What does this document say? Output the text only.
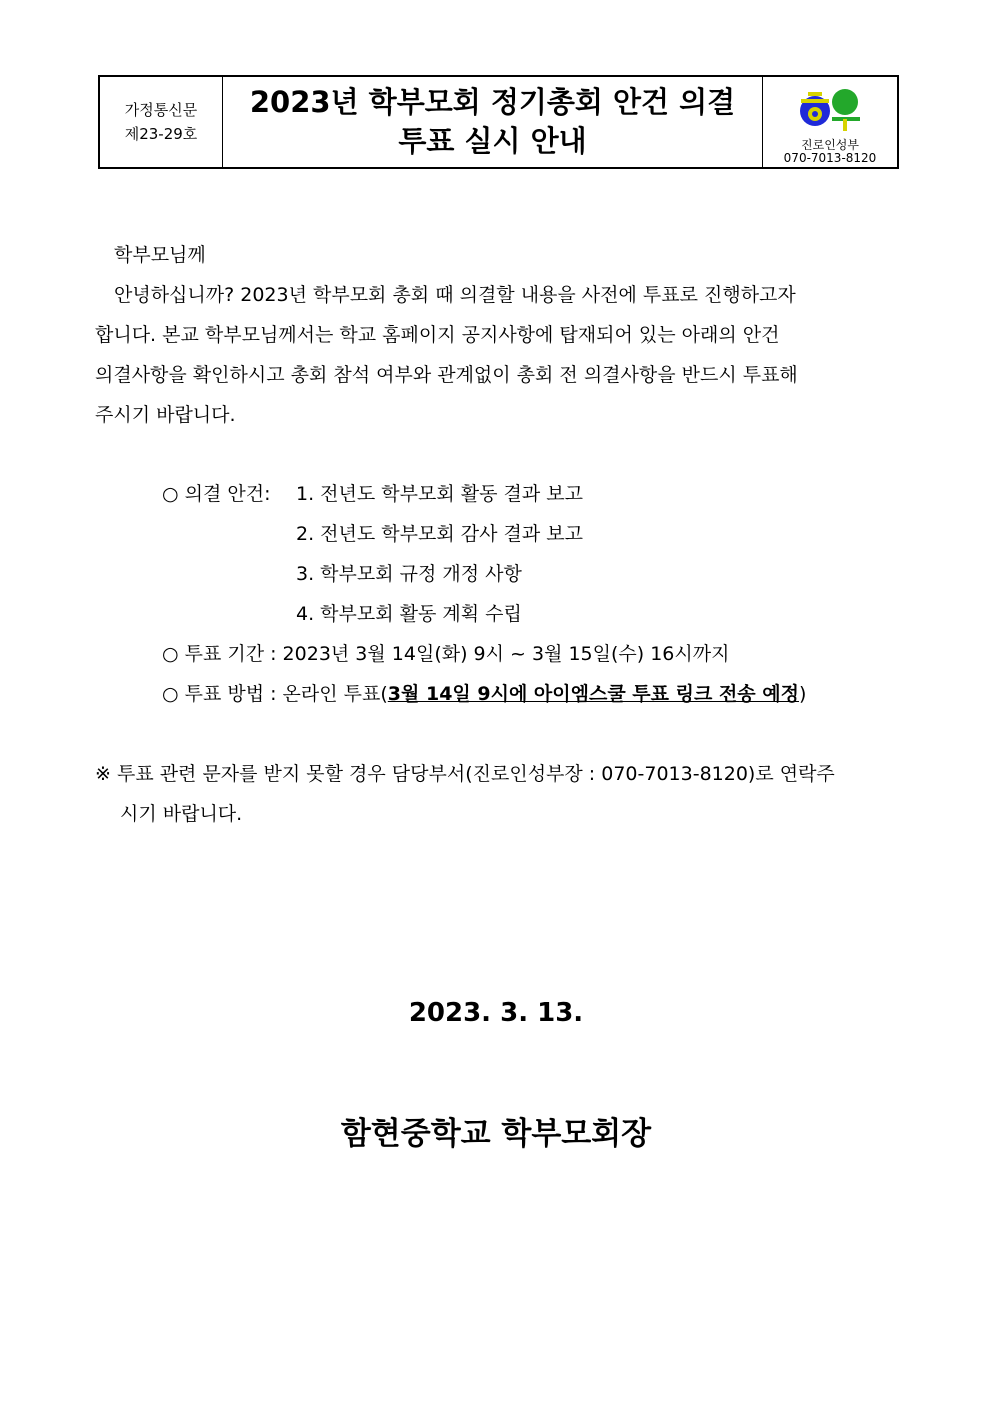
가정통신문
제23-29호
2023년 학부모회 정기총회 안건 의결
투표 실시 안내	진로인성부
070-7013-8120
학부모님께
안녕하십니까? 2023년 학부모회 총회 때 의결할 내용을 사전에 투표로 진행하고자
합니다. 본교 학부모님께서는 학교 홈페이지 공지사항에 탑재되어 있는 아래의 안건
의결사항을 확인하시고 총회 참석 여부와 관계없이 총회 전 의결사항을 반드시 투표해
주시기 바랍니다.
○ 의결 안건: 1. 전년도 학부모회 활동 결과 보고
2. 전년도 학부모회 감사 결과 보고
3. 학부모회 규정 개정 사항
4. 학부모회 활동 계획 수립
○ 투표 기간 : 2023년 3월 14일(화) 9시 ~ 3월 15일(수) 16시까지
○ 투표 방법 : 온라인 투표(3월 14일 9시에 아이엠스쿨 투표 링크 전송 예정)
※ 투표 관련 문자를 받지 못할 경우 담당부서(진로인성부장 : 070-7013-8120)로 연락주
시기 바랍니다.
2023. 3. 13.
함현중학교 학부모회장
